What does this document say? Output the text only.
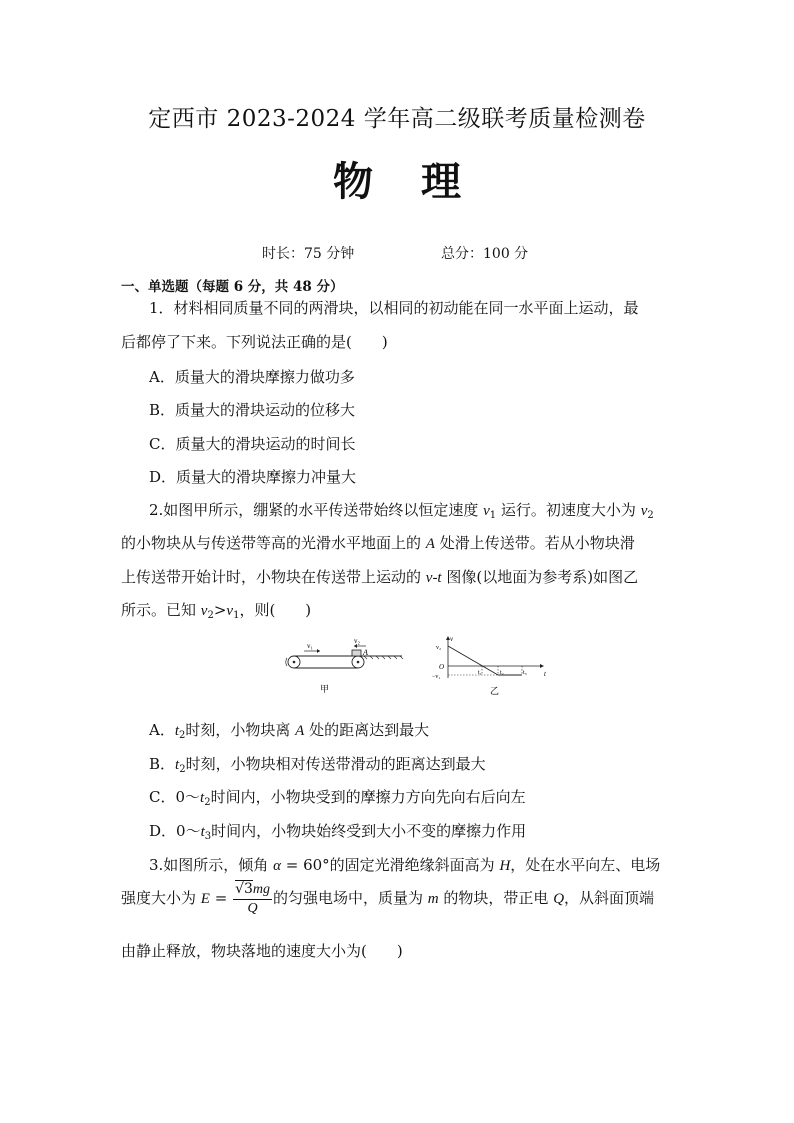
定西市 2023-2024 学年高二级联考质量检测卷
物理
时长：75 分钟	总分：100 分
一、单选题（每题 6 分，共 48 分）
1．材料相同质量不同的两滑块，以相同的初动能在同一水平面上运动，最
后都停了下来。下列说法正确的是(　　)
A．质量大的滑块摩擦力做功多
B．质量大的滑块运动的位移大
C．质量大的滑块运动的时间长
D．质量大的滑块摩擦力冲量大
2.如图甲所示，绷紧的水平传送带始终以恒定速度 $v_1$ 运行。初速度大小为 $v_2$
的小物块从与传送带等高的光滑水平地面上的 A 处滑上传送带。若从小物块滑
上传送带开始计时，小物块在传送带上运动的 v-t 图像(以地面为参考系)如图乙
所示。已知 $v_2>v_1$，则(　　)
v₁
v₂
A
甲
v
t
v₂
O
−v₁
t₁	t₂	t₃
乙
A．$t_2$时刻，小物块离 A 处的距离达到最大
B．$t_2$时刻，小物块相对传送带滑动的距离达到最大
C．$0\sim t_2$时间内，小物块受到的摩擦力方向先向右后向左
D．$0\sim t_3$时间内，小物块始终受到大小不变的摩擦力作用
3.如图所示，倾角 α = 60°的固定光滑绝缘斜面高为 H，处在水平向左、电场
强度大小为 $E = \frac{√3mg}{Q}$ 的匀强电场中，质量为 m 的物块，带正电 Q，从斜面顶端
由静止释放，物块落地的速度大小为(　　)
